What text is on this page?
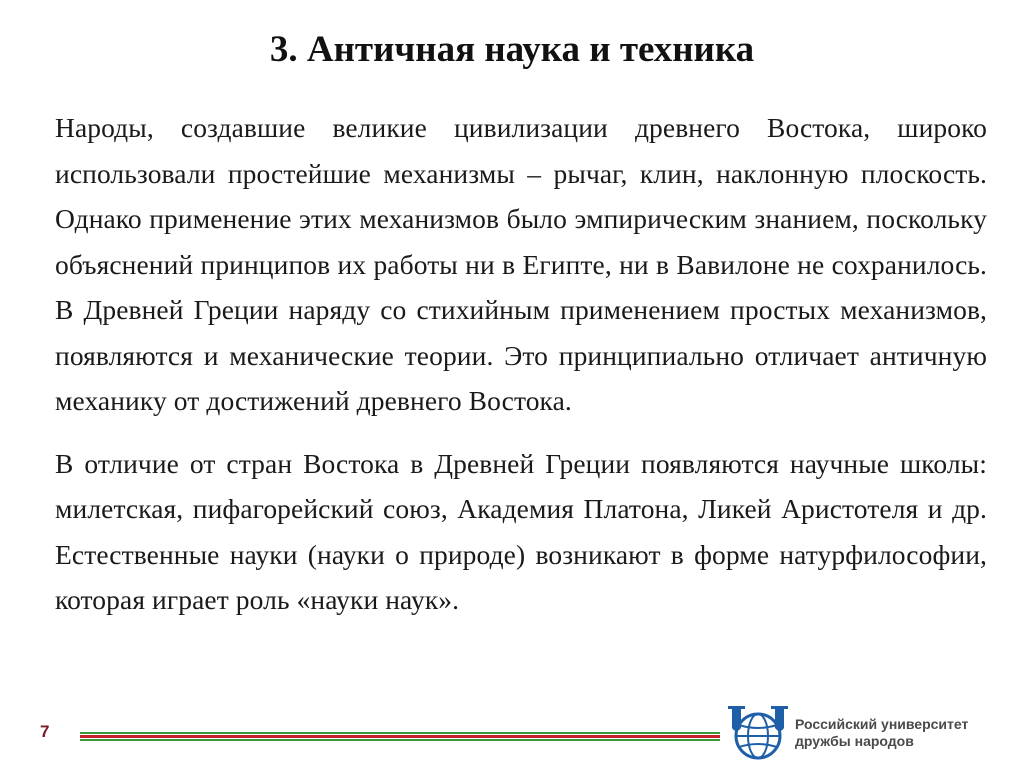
3. Античная наука и техника

Народы, создавшие великие цивилизации древнего Востока, широко использовали простейшие механизмы – рычаг, клин, наклонную плоскость. Однако применение этих механизмов было эмпирическим знанием, поскольку объяснений принципов их работы ни в Египте, ни в Вавилоне не сохранилось. В Древней Греции наряду со стихийным применением простых механизмов, появляются и механические теории. Это принципиально отличает античную механику от достижений древнего Востока.

В отличие от стран Востока в Древней Греции появляются научные школы: милетская, пифагорейский союз, Академия Платона, Ликей Аристотеля и др. Естественные науки (науки о природе) возникают в форме натурфилософии, которая играет роль «науки наук».

7	Российский университет
дружбы народов
